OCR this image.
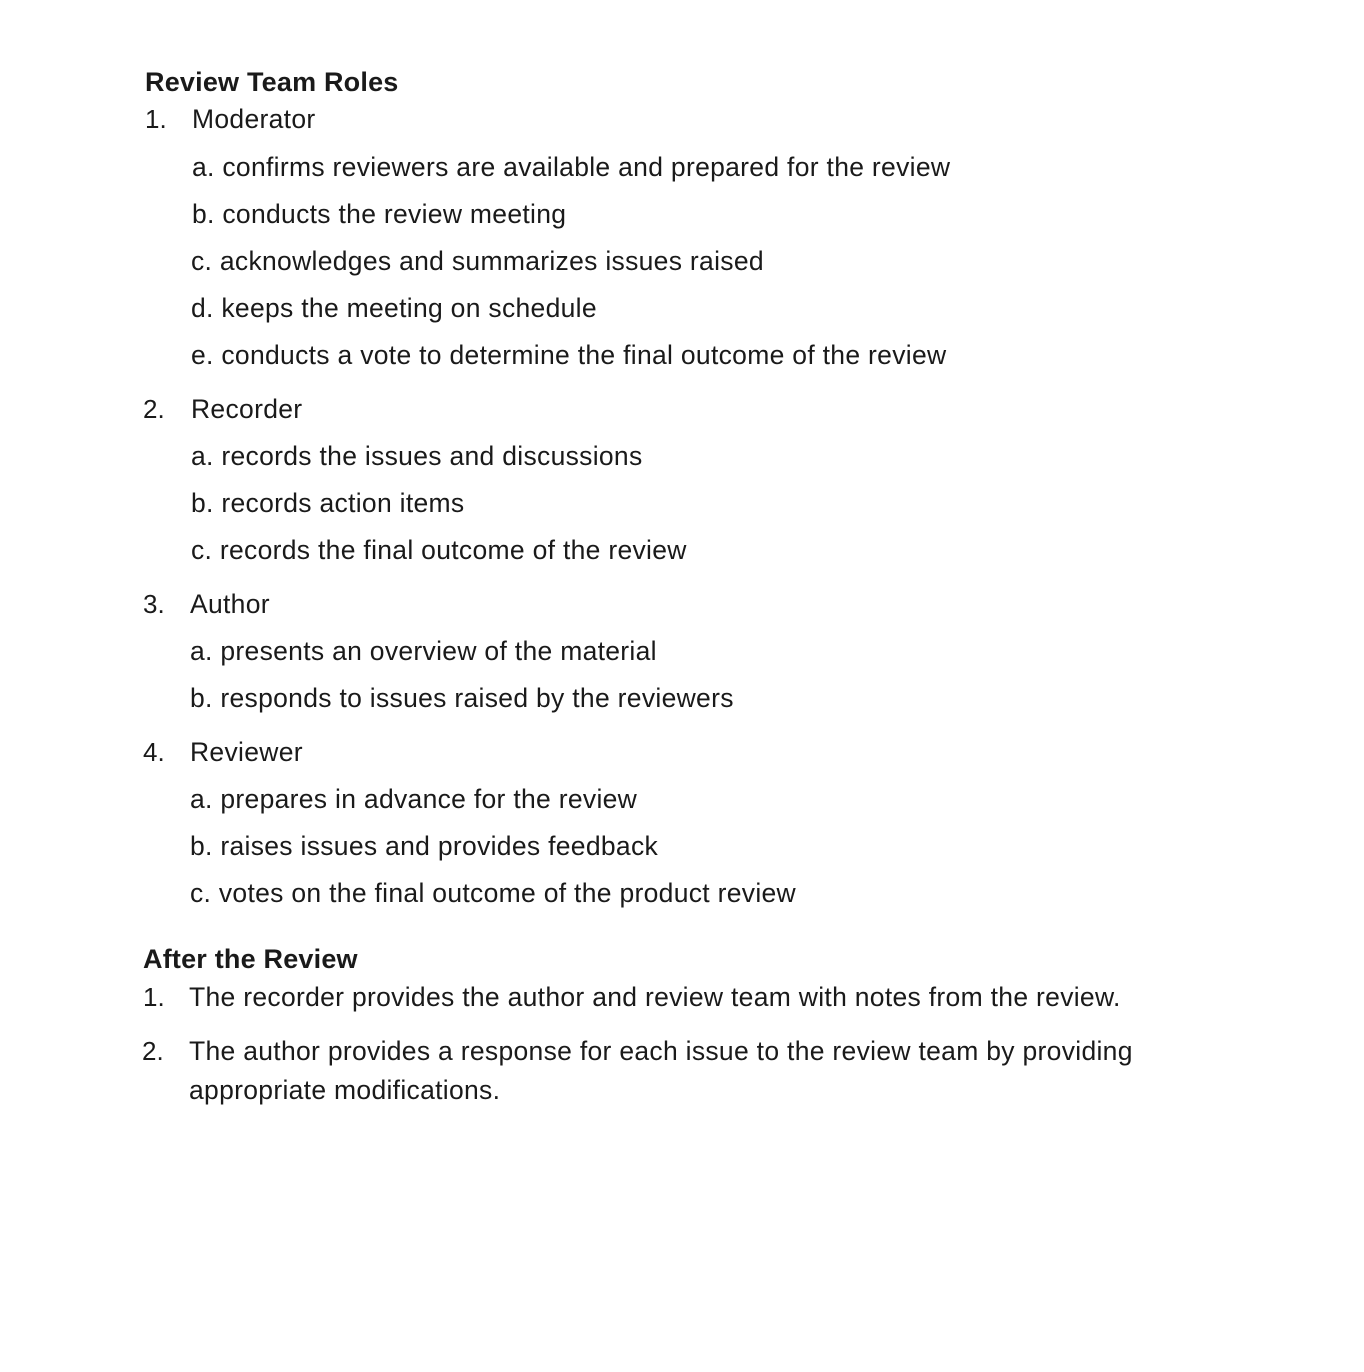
Review Team Roles
1. Moderator
a. confirms reviewers are available and prepared for the review
b. conducts the review meeting
c. acknowledges and summarizes issues raised
d. keeps the meeting on schedule
e. conducts a vote to determine the final outcome of the review
2. Recorder
a. records the issues and discussions
b. records action items
c. records the final outcome of the review
3. Author
a. presents an overview of the material
b. responds to issues raised by the reviewers
4. Reviewer
a. prepares in advance for the review
b. raises issues and provides feedback
c. votes on the final outcome of the product review
After the Review
1. The recorder provides the author and review team with notes from the review.
2. The author provides a response for each issue to the review team by providing
appropriate modifications.
